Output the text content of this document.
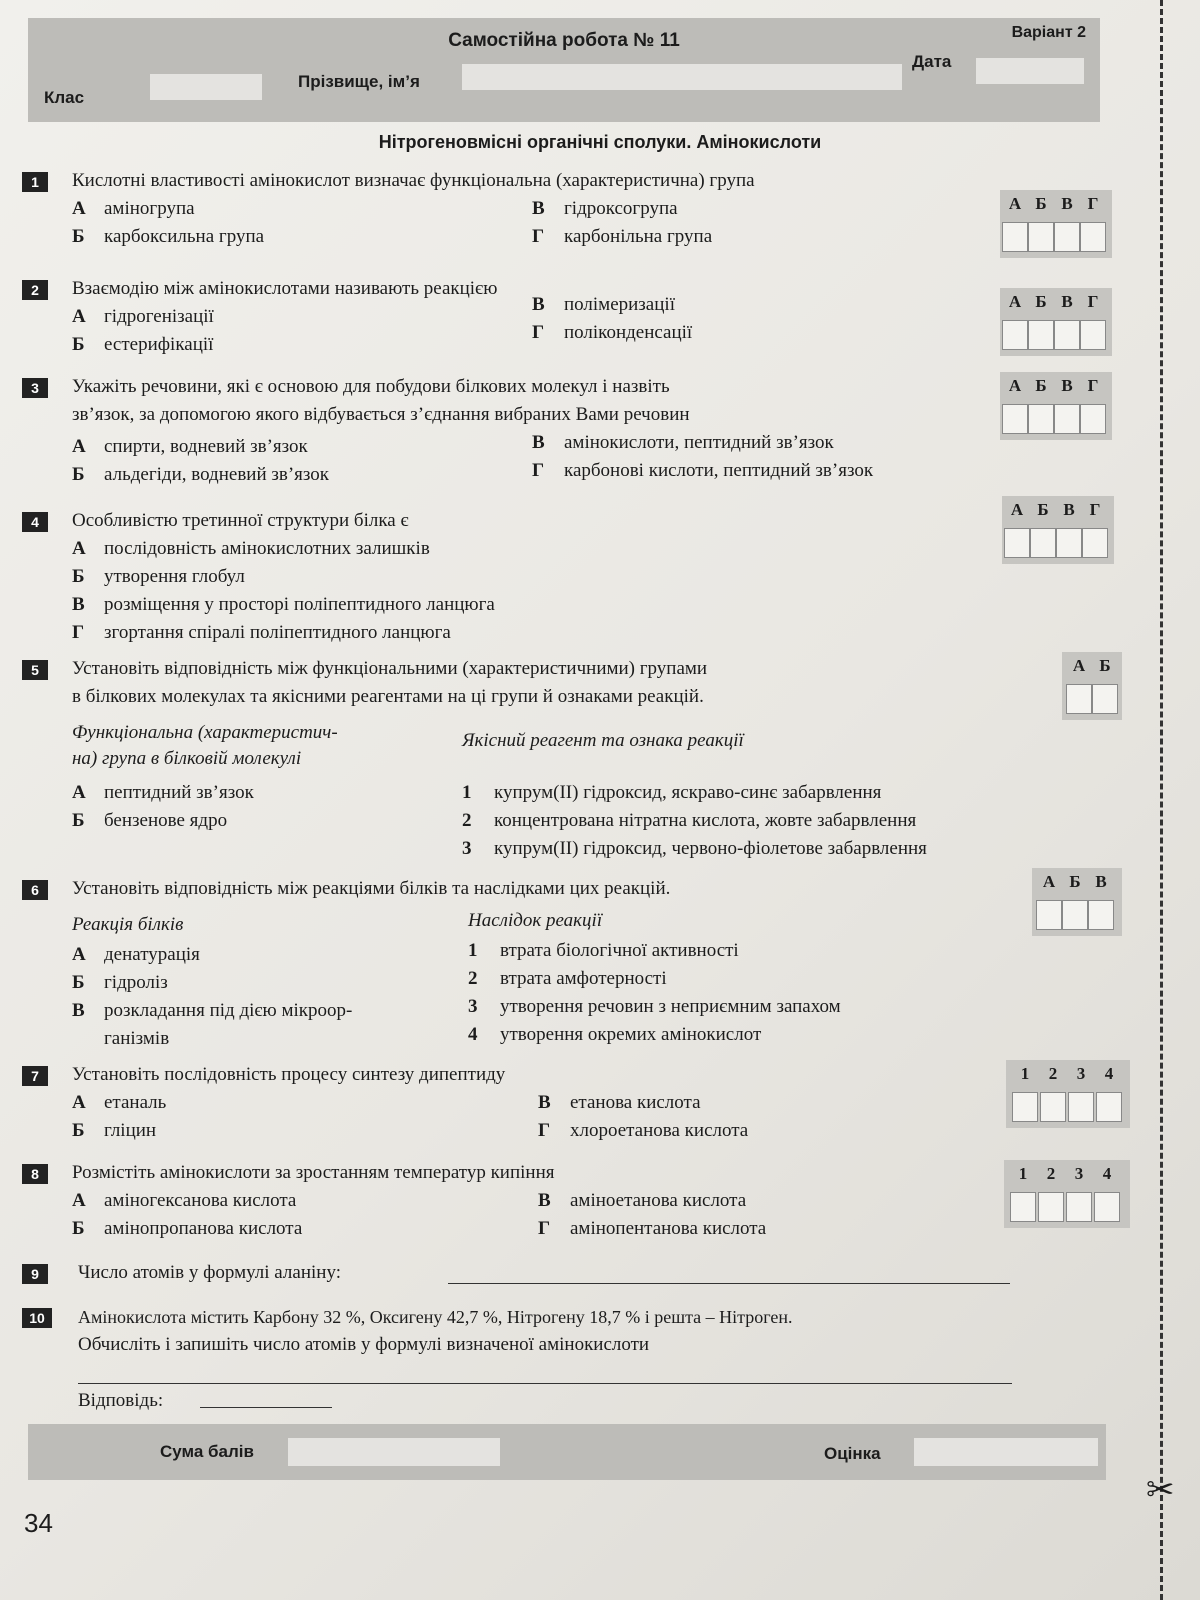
Самостійна робота № 11	Варіант 2
Клас
Прізвище, ім’я
Дата
Нітрогеновмісні органічні сполуки. Амінокислоти
1	Кислотні властивості амінокислот визначає функціональна (характеристична) група
А аміногрупа
Б карбоксильна група
В гідроксогрупа
Г карбонільна група
А Б В Г
2	Взаємодію між амінокислотами називають реакцією
А гідрогенізації
Б естерифікації
В полімеризації
Г поліконденсації
А Б В Г
3	Укажіть речовини, які є основою для побудови білкових молекул і назвіть
зв’язок, за допомогою якого відбувається з’єднання вибраних Вами речовин
А спирти, водневий зв’язок
Б альдегіди, водневий зв’язок
В амінокислоти, пептидний зв’язок
Г карбонові кислоти, пептидний зв’язок
А Б В Г
4	Особливістю третинної структури білка є
А послідовність амінокислотних залишків
Б утворення глобул
В розміщення у просторі поліпептидного ланцюга
Г згортання спіралі поліпептидного ланцюга
А Б В Г
5	Установіть відповідність між функціональними (характеристичними) групами
в білкових молекулах та якісними реагентами на ці групи й ознаками реакцій.
Функціональна (характеристич-
на) група в білковій молекулі
Якісний реагент та ознака реакції
А пептидний зв’язок
Б бензенове ядро
1 купрум(ІІ) гідроксид, яскраво-синє забарвлення
2 концентрована нітратна кислота, жовте забарвлення
3 купрум(ІІ) гідроксид, червоно-фіолетове забарвлення
А Б
6	Установіть відповідність між реакціями білків та наслідками цих реакцій.
Реакція білків	Наслідок реакції
А денатурація
Б гідроліз
В розкладання під дією мікроор-
ганізмів
1 втрата біологічної активності
2 втрата амфотерності
3 утворення речовин з неприємним запахом
4 утворення окремих амінокислот
А Б В
7	Установіть послідовність процесу синтезу дипептиду
А етаналь
Б гліцин
В етанова кислота
Г хлороетанова кислота
1	2	3	4
8	Розмістіть амінокислоти за зростанням температур кипіння
А аміногексанова кислота
Б амінопропанова кислота
В аміноетанова кислота
Г амінопентанова кислота
1	2	3	4
9	Число атомів у формулі аланіну:
10	Амінокислота містить Карбону 32 %, Оксигену 42,7 %, Нітрогену 18,7 % і решта – Нітроген.
Обчисліть і запишіть число атомів у формулі визначеної амінокислоти
Відповідь:
Сума балів	Оцінка
34
✂
